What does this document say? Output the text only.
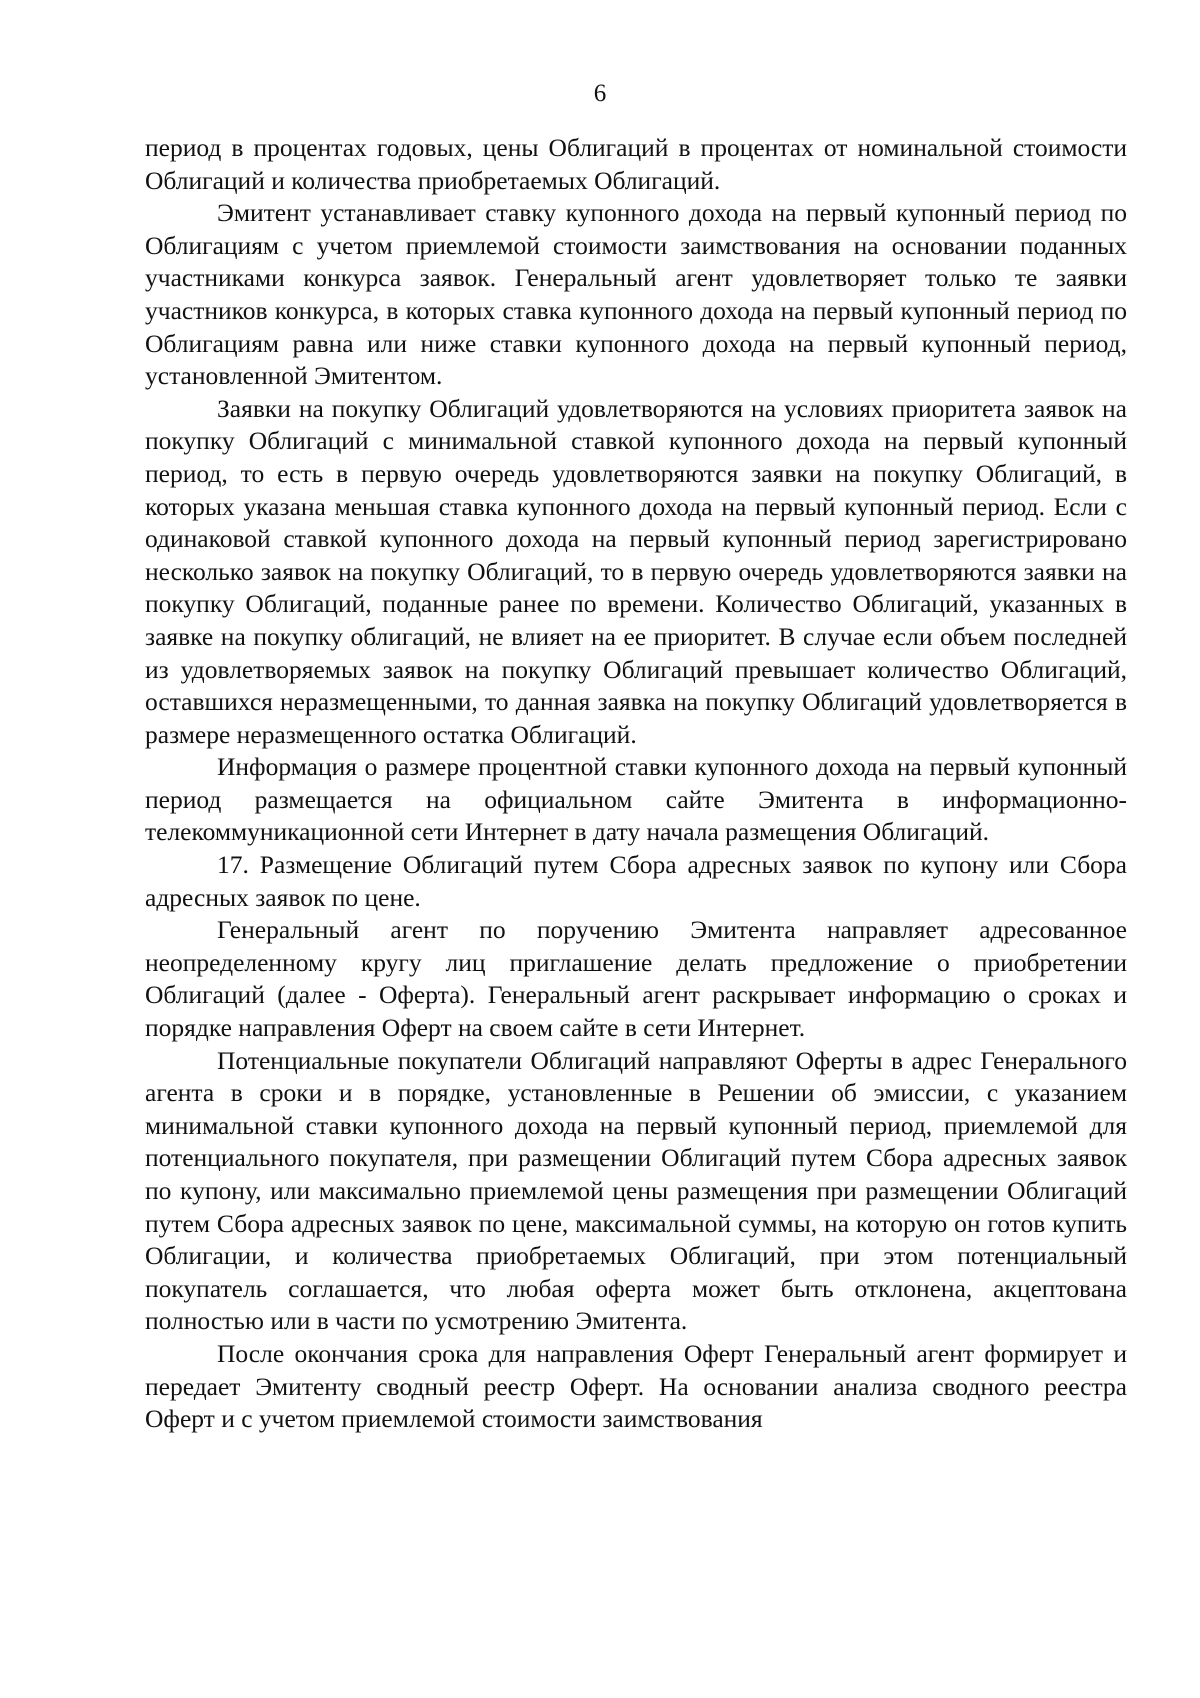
6

период в процентах годовых, цены Облигаций в процентах от номинальной стоимости Облигаций и количества приобретаемых Облигаций.

Эмитент устанавливает ставку купонного дохода на первый купонный период по Облигациям с учетом приемлемой стоимости заимствования на основании поданных участниками конкурса заявок. Генеральный агент удовлетворяет только те заявки участников конкурса, в которых ставка купонного дохода на первый купонный период по Облигациям равна или ниже ставки купонного дохода на первый купонный период, установленной Эмитентом.

Заявки на покупку Облигаций удовлетворяются на условиях приоритета заявок на покупку Облигаций с минимальной ставкой купонного дохода на первый купонный период, то есть в первую очередь удовлетворяются заявки на покупку Облигаций, в которых указана меньшая ставка купонного дохода на первый купонный период. Если с одинаковой ставкой купонного дохода на первый купонный период зарегистрировано несколько заявок на покупку Облигаций, то в первую очередь удовлетворяются заявки на покупку Облигаций, поданные ранее по времени. Количество Облигаций, указанных в заявке на покупку облигаций, не влияет на ее приоритет. В случае если объем последней из удовлетворяемых заявок на покупку Облигаций превышает количество Облигаций, оставшихся неразмещенными, то данная заявка на покупку Облигаций удовлетворяется в размере неразмещенного остатка Облигаций.

Информация о размере процентной ставки купонного дохода на первый купонный период размещается на официальном сайте Эмитента в информационно-телекоммуникационной сети Интернет в дату начала размещения Облигаций.

17. Размещение Облигаций путем Сбора адресных заявок по купону или Сбора адресных заявок по цене.

Генеральный агент по поручению Эмитента направляет адресованное неопределенному кругу лиц приглашение делать предложение о приобретении Облигаций (далее - Оферта). Генеральный агент раскрывает информацию о сроках и порядке направления Оферт на своем сайте в сети Интернет.

Потенциальные покупатели Облигаций направляют Оферты в адрес Генерального агента в сроки и в порядке, установленные в Решении об эмиссии, с указанием минимальной ставки купонного дохода на первый купонный период, приемлемой для потенциального покупателя, при размещении Облигаций путем Сбора адресных заявок по купону, или максимально приемлемой цены размещения при размещении Облигаций путем Сбора адресных заявок по цене, максимальной суммы, на которую он готов купить Облигации, и количества приобретаемых Облигаций, при этом потенциальный покупатель соглашается, что любая оферта может быть отклонена, акцептована полностью или в части по усмотрению Эмитента.

После окончания срока для направления Оферт Генеральный агент формирует и передает Эмитенту сводный реестр Оферт. На основании анализа сводного реестра Оферт и с учетом приемлемой стоимости заимствования
